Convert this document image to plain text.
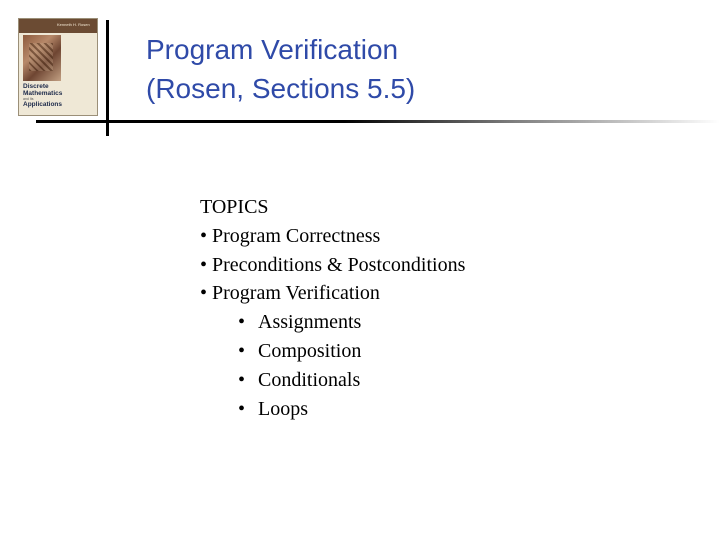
Kenneth H. Rosen
Discrete
Mathematics
and Its
Applications
Program Verification
(Rosen, Sections 5.5)
TOPICS
• Program Correctness
• Preconditions & Postconditions
• Program Verification
• Assignments
• Composition
• Conditionals
• Loops
